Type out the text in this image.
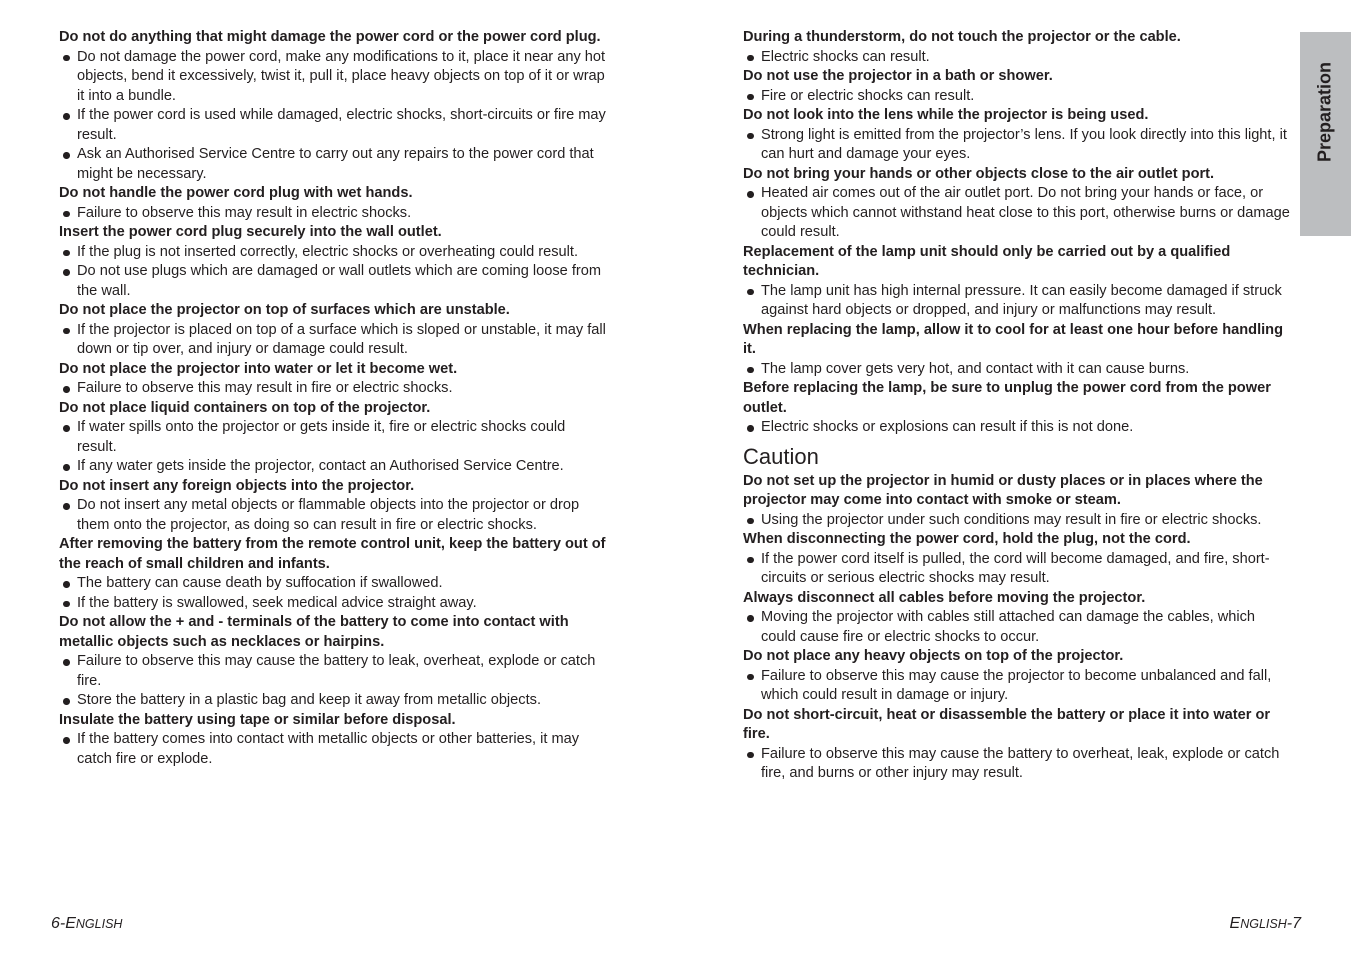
Do not do anything that might damage the power cord or the power cord plug.
Do not damage the power cord, make any modifications to it, place it near any hot objects, bend it excessively, twist it, pull it, place heavy objects on top of it or wrap it into a bundle.
If the power cord is used while damaged, electric shocks, short-circuits or fire may result.
Ask an Authorised Service Centre to carry out any repairs to the power cord that might be necessary.
Do not handle the power cord plug with wet hands.
Failure to observe this may result in electric shocks.
Insert the power cord plug securely into the wall outlet.
If the plug is not inserted correctly, electric shocks or overheating could result.
Do not use plugs which are damaged or wall outlets which are coming loose from the wall.
Do not place the projector on top of surfaces which are unstable.
If the projector is placed on top of a surface which is sloped or unstable, it may fall down or tip over, and injury or damage could result.
Do not place the projector into water or let it become wet.
Failure to observe this may result in fire or electric shocks.
Do not place liquid containers on top of the projector.
If water spills onto the projector or gets inside it, fire or electric shocks could result.
If any water gets inside the projector, contact an Authorised Service Centre.
Do not insert any foreign objects into the projector.
Do not insert any metal objects or flammable objects into the projector or drop them onto the projector, as doing so can result in fire or electric shocks.
After removing the battery from the remote control unit, keep the battery out of the reach of small children and infants.
The battery can cause death by suffocation if swallowed.
If the battery is swallowed, seek medical advice straight away.
Do not allow the + and - terminals of the battery to come into contact with metallic objects such as necklaces or hairpins.
Failure to observe this may cause the battery to leak, overheat, explode or catch fire.
Store the battery in a plastic bag and keep it away from metallic objects.
Insulate the battery using tape or similar before disposal.
If the battery comes into contact with metallic objects or other batteries, it may catch fire or explode.
During a thunderstorm, do not touch the projector or the cable.
Electric shocks can result.
Do not use the projector in a bath or shower.
Fire or electric shocks can result.
Do not look into the lens while the projector is being used.
Strong light is emitted from the projector’s lens. If you look directly into this light, it can hurt and damage your eyes.
Do not bring your hands or other objects close to the air outlet port.
Heated air comes out of the air outlet port. Do not bring your hands or face, or objects which cannot withstand heat close to this port, otherwise burns or damage could result.
Replacement of the lamp unit should only be carried out by a qualified technician.
The lamp unit has high internal pressure. It can easily become damaged if struck against hard objects or dropped, and injury or malfunctions may result.
When replacing the lamp, allow it to cool for at least one hour before handling it.
The lamp cover gets very hot, and contact with it can cause burns.
Before replacing the lamp, be sure to unplug the power cord from the power outlet.
Electric shocks or explosions can result if this is not done.
Caution
Do not set up the projector in humid or dusty places or in places where the projector may come into contact with smoke or steam.
Using the projector under such conditions may result in fire or electric shocks.
When disconnecting the power cord, hold the plug, not the cord.
If the power cord itself is pulled, the cord will become damaged, and fire, short-circuits or serious electric shocks may result.
Always disconnect all cables before moving the projector.
Moving the projector with cables still attached can damage the cables, which could cause fire or electric shocks to occur.
Do not place any heavy objects on top of the projector.
Failure to observe this may cause the projector to become unbalanced and fall, which could result in damage or injury.
Do not short-circuit, heat or disassemble the battery or place it into water or fire.
Failure to observe this may cause the battery to overheat, leak, explode or catch fire, and burns or other injury may result.
Preparation
6-ENGLISH	ENGLISH-7
